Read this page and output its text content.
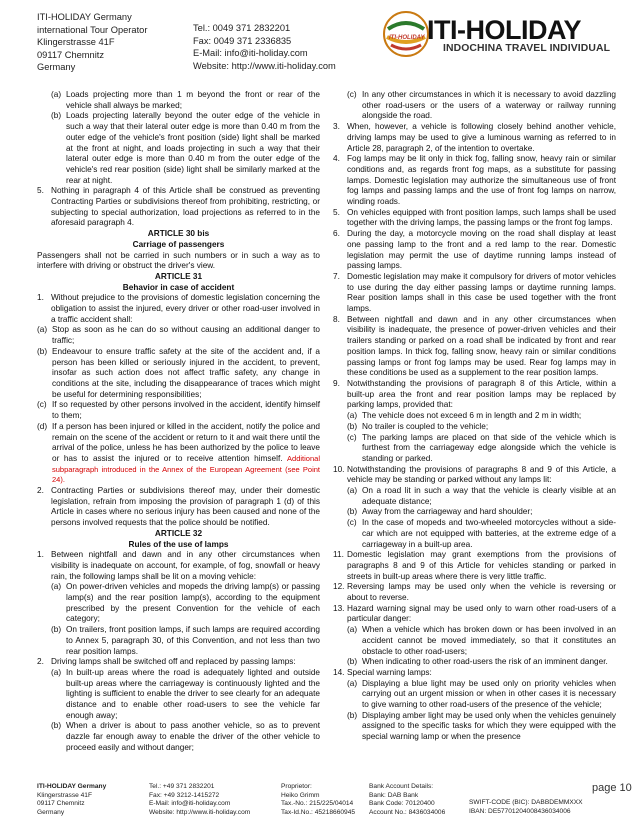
ITI-HOLIDAY Germany
international Tour Operator
Klingerstrasse 41F
09117 Chemnitz
Germany
Tel.: 0049 371 2832201
Fax: 0049 371 2336835
E-Mail: info@iti-holiday.com
Website: http://www.iti-holiday.com
ITI-HOLIDAY ITI-HOLIDAY
INDOCHINA TRAVEL INDIVIDUAL
(a) Loads projecting more than 1 m beyond the front or rear of the vehicle shall always be marked;
(b) Loads projecting laterally beyond the outer edge of the vehicle in such a way that their lateral outer edge is more than 0.40 m from the outer edge of the vehicle's front position (side) light shall be marked at the front at night, and loads projecting in such a way that their lateral outer edge is more than 0.40 m from the outer edge of the vehicle's red rear position (side) light shall be similarly marked at the rear at night.
5. Nothing in paragraph 4 of this Article shall be construed as preventing Contracting Parties or subdivisions thereof from prohibiting, restricting, or subjecting to special authorization, load projections as referred to in the aforesaid paragraph 4.
ARTICLE 30 bis
Carriage of passengers
Passengers shall not be carried in such numbers or in such a way as to interfere with driving or obstruct the driver's view.
ARTICLE 31
Behavior in case of accident
1. Without prejudice to the provisions of domestic legislation concerning the obligation to assist the injured, every driver or other road-user involved in a traffic accident shall:
(a) Stop as soon as he can do so without causing an additional danger to traffic;
(b) Endeavour to ensure traffic safety at the site of the accident and, if a person has been killed or seriously injured in the accident, to prevent, insofar as such action does not affect traffic safety, any change in conditions at the site, including the disappearance of traces which might be useful for determining responsibilities;
(c) If so requested by other persons involved in the accident, identify himself to them;
(d) If a person has been injured or killed in the accident, notify the police and remain on the scene of the accident or return to it and wait there until the arrival of the police, unless he has been authorized by the police to leave or has to assist the injured or to receive attention himself. Additional subparagraph introduced in the Annex of the European Agreement (see Point 24).
2. Contracting Parties or subdivisions thereof may, under their domestic legislation, refrain from imposing the provision of paragraph 1 (d) of this Article in cases where no serious injury has been caused and none of the persons involved requests that the police should be notified.
ARTICLE 32
Rules of the use of lamps
1. Between nightfall and dawn and in any other circumstances when visibility is inadequate on account, for example, of fog, snowfall or heavy rain, the following lamps shall be lit on a moving vehicle:
(a) On power-driven vehicles and mopeds the driving lamp(s) or passing lamp(s) and the rear position lamp(s), according to the equipment prescribed by the present Convention for the vehicle of each category;
(b) On trailers, front position lamps, if such lamps are required according to Annex 5, paragraph 30, of this Convention, and not less than two rear position lamps.
2. Driving lamps shall be switched off and replaced by passing lamps:
(a) In built-up areas where the road is adequately lighted and outside built-up areas where the carriageway is continuously lighted and the lighting is sufficient to enable the driver to see clearly for an adequate distance and to enable other road-users to see the vehicle far enough away;
(b) When a driver is about to pass another vehicle, so as to prevent dazzle far enough away to enable the driver of the other vehicle to proceed easily and without danger;
(c) In any other circumstances in which it is necessary to avoid dazzling other road-users or the users of a waterway or railway running alongside the road.
3. When, however, a vehicle is following closely behind another vehicle, driving lamps may be used to give a luminous warning as referred to in Article 28, paragraph 2, of the intention to overtake.
4. Fog lamps may be lit only in thick fog, falling snow, heavy rain or similar conditions and, as regards front fog maps, as a substitute for passing lamps. Domestic legislation may authorize the simultaneous use of front fog lamps and passing lamps and the use of front fog lamps on narrow, winding roads.
5. On vehicles equipped with front position lamps, such lamps shall be used together with the driving lamps, the passing lamps or the front fog lamps.
6. During the day, a motorcycle moving on the road shall display at least one passing lamp to the front and a red lamp to the rear. Domestic legislation may permit the use of daytime running lamps instead of passing lamps.
7. Domestic legislation may make it compulsory for drivers of motor vehicles to use during the day either passing lamps or daytime running lamps. Rear position lamps shall in this case be used together with the front lamps.
8. Between nightfall and dawn and in any other circumstances when visibility is inadequate, the presence of power-driven vehicles and their trailers standing or parked on a road shall be indicated by front and rear position lamps. In thick fog, falling snow, heavy rain or similar conditions passing lamps or front fog lamps may be used. Rear fog lamps may in these conditions be used as a supplement to the rear position lamps.
9. Notwithstanding the provisions of paragraph 8 of this Article, within a built-up area the front and rear position lamps may be replaced by parking lamps, provided that:
(a) The vehicle does not exceed 6 m in length and 2 m in width;
(b) No trailer is coupled to the vehicle;
(c) The parking lamps are placed on that side of the vehicle which is furthest from the carriageway edge alongside which the vehicle is standing or parked.
10. Notwithstanding the provisions of paragraphs 8 and 9 of this Article, a vehicle may be standing or parked without any lamps lit:
(a) On a road lit in such a way that the vehicle is clearly visible at an adequate distance;
(b) Away from the carriageway and hard shoulder;
(c) In the case of mopeds and two-wheeled motorcycles without a side-car which are not equipped with batteries, at the extreme edge of a carriageway in a built-up area.
11. Domestic legislation may grant exemptions from the provisions of paragraphs 8 and 9 of this Article for vehicles standing or parked in streets in built-up areas where there is very little traffic.
12. Reversing lamps may be used only when the vehicle is reversing or about to reverse.
13. Hazard warning signal may be used only to warn other road-users of a particular danger:
(a) When a vehicle which has broken down or has been involved in an accident cannot be moved immediately, so that it constitutes an obstacle to other road-users;
(b) When indicating to other road-users the risk of an imminent danger.
14. Special warning lamps:
(a) Displaying a blue light may be used only on priority vehicles when carrying out an urgent mission or when in other cases it is necessary to give warning to other road-users of the presence of the vehicle;
(b) Displaying amber light may be used only when the vehicles genuinely assigned to the specific tasks for which they were equipped with the special warning lamp or when the presence
ITI-HOLIDAY Germany
Klingerstrasse 41F
09117 Chemnitz
Germany
Tel.: +49 371 2832201
Fax: +49 3212-1415272
E-Mail: info@iti-holiday.com
Website: http://www.iti-holiday.com
Proprietor:
Heiko Grimm
Tax.-No.: 215/225/04014
Tax-Id.No.: 45218660945
Bank Account Details:
Bank: DAB Bank
Bank Code: 70120400
Account No.: 8436034006
SWIFT-CODE (BIC): DABBDEMMXXX
IBAN: DE57701204008436034006
page 10
